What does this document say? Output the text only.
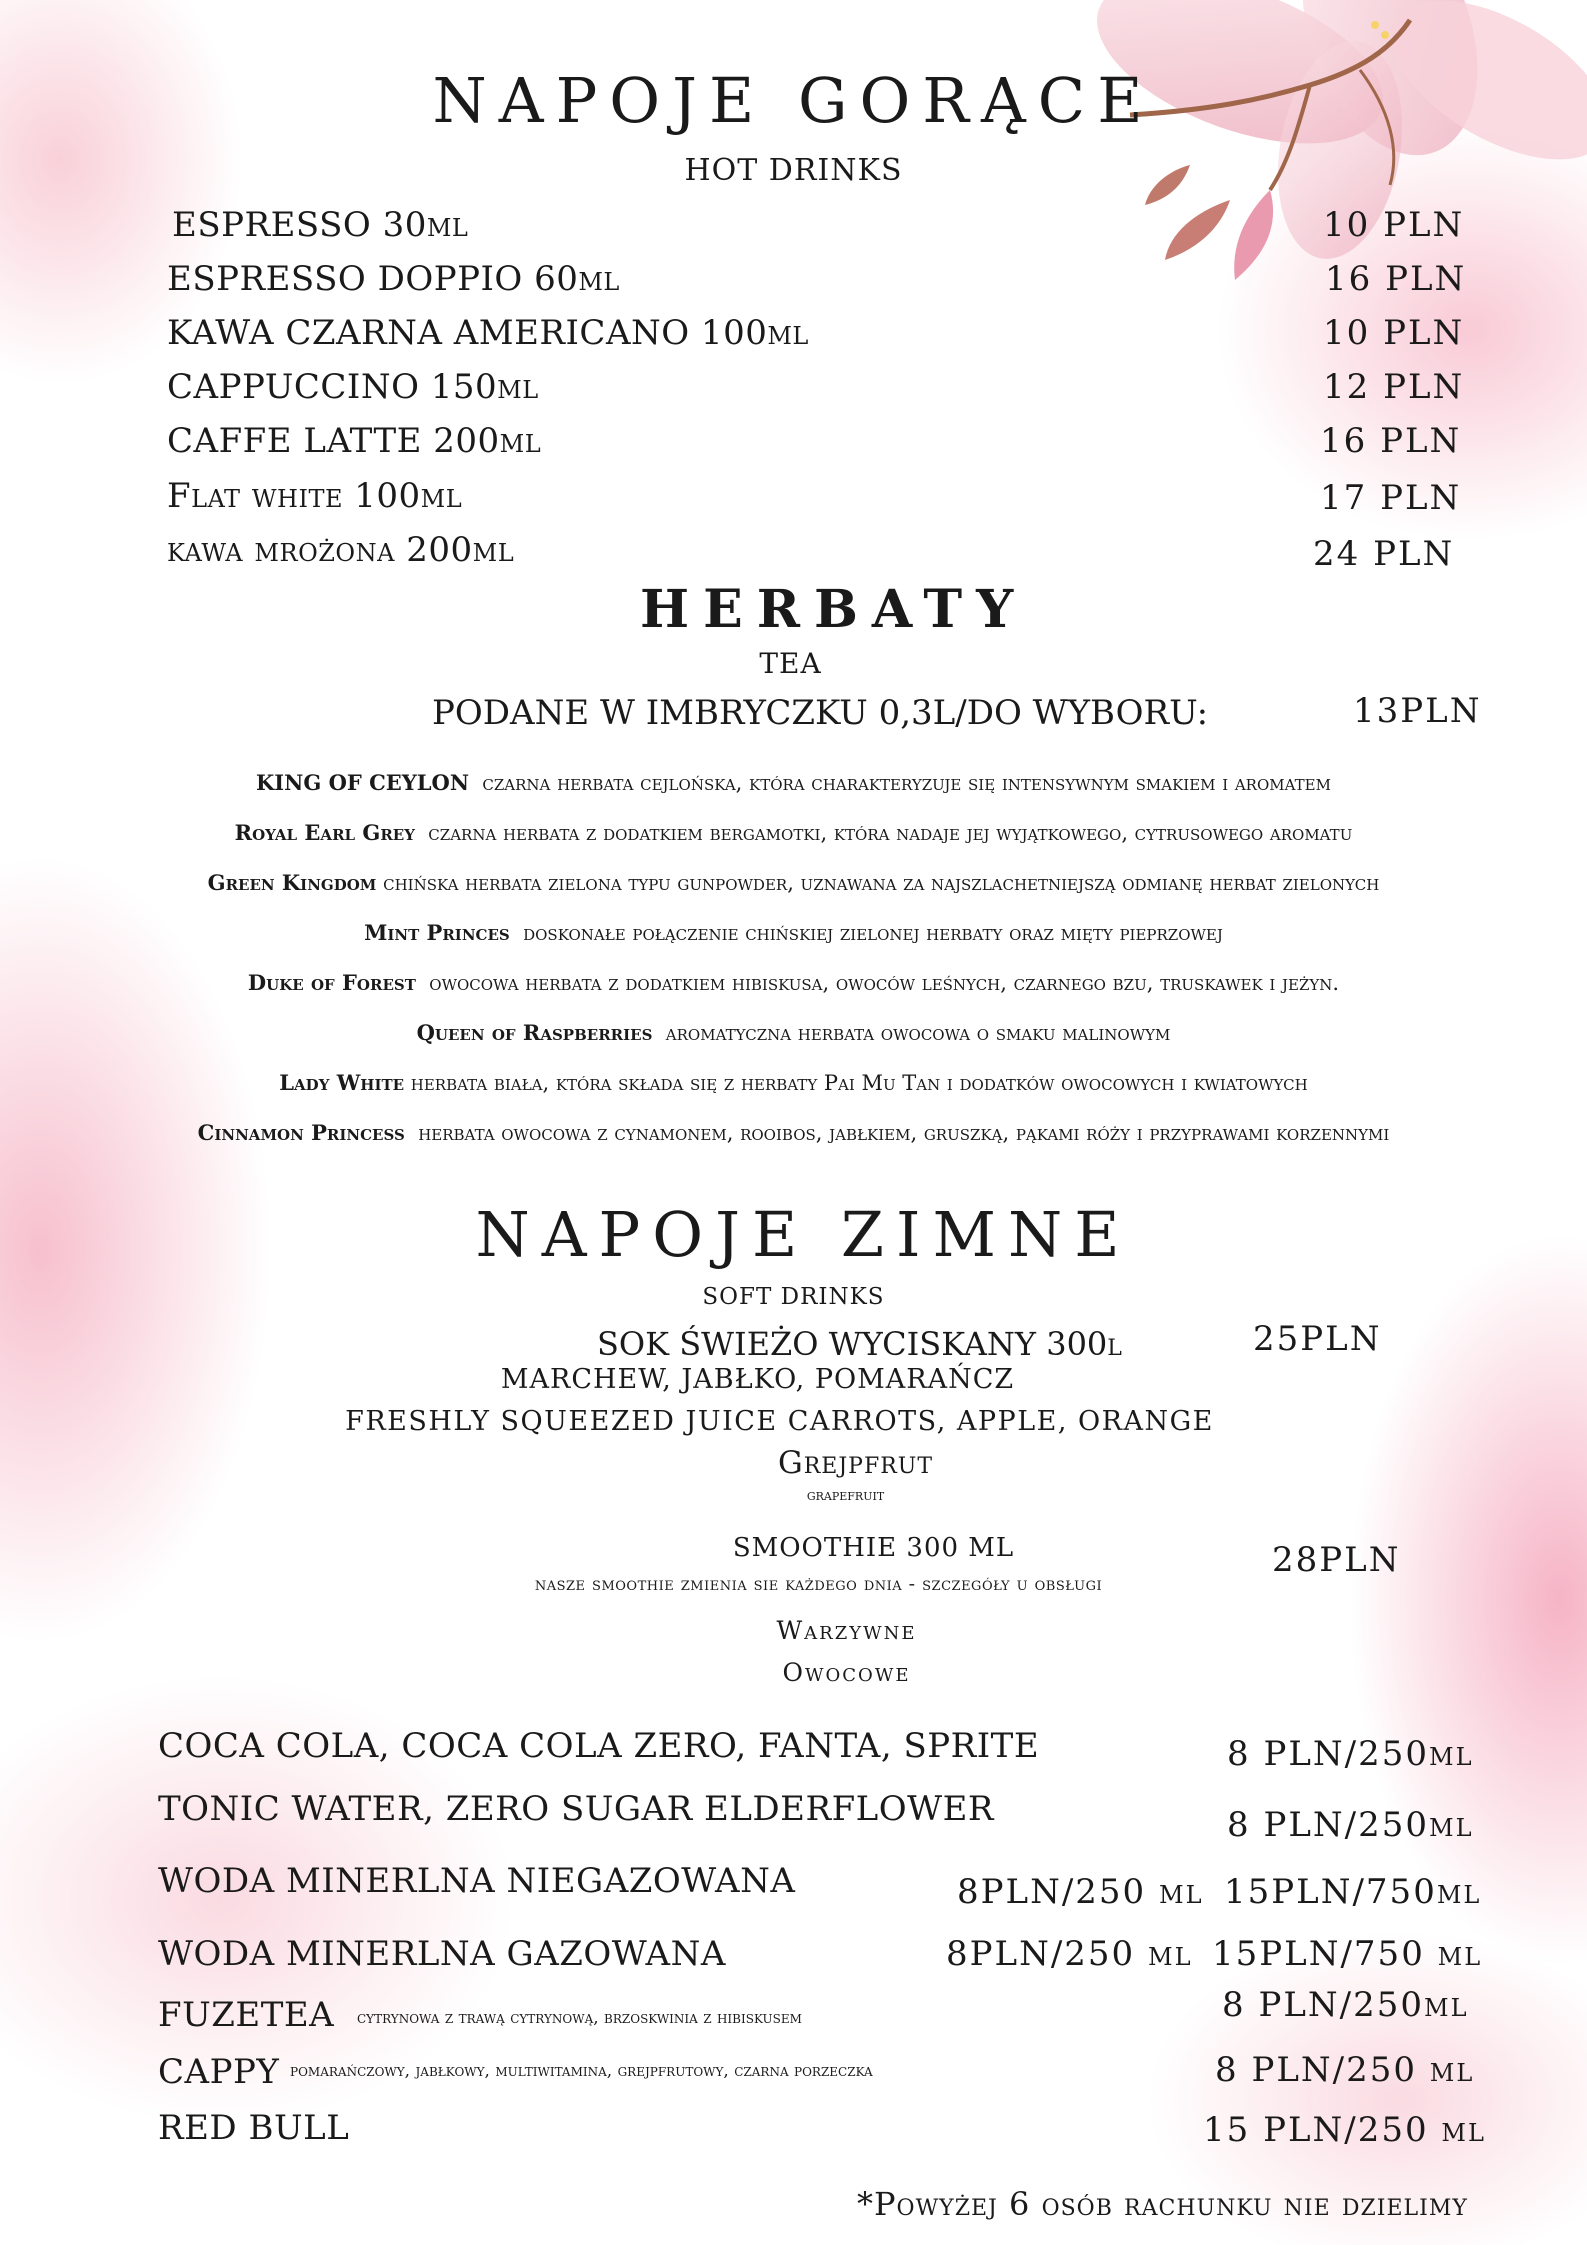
NAPOJE GORĄCE
HOT DRINKS
ESPRESSO 30ml	10 PLN
ESPRESSO DOPPIO 60ml	16 PLN
KAWA CZARNA AMERICANO 100ml	10 PLN
CAPPUCCINO 150ml	12 PLN
CAFFE LATTE 200ml	16 PLN
Flat white 100ml	17 PLN
kawa mrożona 200ml	24 PLN
HERBATY
TEA
PODANE W IMBRYCZKU 0,3L/DO WYBORU:	13PLN
KING OF CEYLON czarna herbata cejlońska, która charakteryzuje się intensywnym smakiem i aromatem
Royal Earl Grey czarna herbata z dodatkiem bergamotki, która nadaje jej wyjątkowego, cytrusowego aromatu
Green Kingdom chińska herbata zielona typu gunpowder, uznawana za najszlachetniejszą odmianę herbat zielonych
Mint Princes doskonałe połączenie chińskiej zielonej herbaty oraz mięty pieprzowej
Duke of Forest owocowa herbata z dodatkiem hibiskusa, owoców leśnych, czarnego bzu, truskawek i jeżyn.
Queen of Raspberries aromatyczna herbata owocowa o smaku malinowym
Lady White herbata biała, która składa się z herbaty Pai Mu Tan i dodatków owocowych i kwiatowych
Cinnamon Princess herbata owocowa z cynamonem, rooibos, jabłkiem, gruszką, pąkami róży i przyprawami korzennymi
NAPOJE ZIMNE
SOFT DRINKS
SOK ŚWIEŻO WYCISKANY 300l	25PLN
MARCHEW, JABŁKO, POMARAŃCZ
FRESHLY SQUEEZED JUICE CARROTS, APPLE, ORANGE
Grejpfrut
grapefruit
SMOOTHIE 300 ML	28PLN
nasze smoothie zmienia sie każdego dnia - szczegóły u obsługi
Warzywne
Owocowe
COCA COLA, COCA COLA ZERO, FANTA, SPRITE	8 PLN/250ml
TONIC WATER, ZERO SUGAR ELDERFLOWER	8 PLN/250ml
WODA MINERLNA NIEGAZOWANA	8PLN/250 ml 15PLN/750ml
WODA MINERLNA GAZOWANA	8PLN/250 ml 15PLN/750 ml
FUZETEA cytrynowa z trawą cytrynową, brzoskwinia z hibiskusem	8 PLN/250ml
CAPPY pomarańczowy, jabłkowy, multiwitamina, grejpfrutowy, czarna porzeczka	8 PLN/250 ml
RED BULL	15 PLN/250 ml
*Powyżej 6 osób rachunku nie dzielimy
